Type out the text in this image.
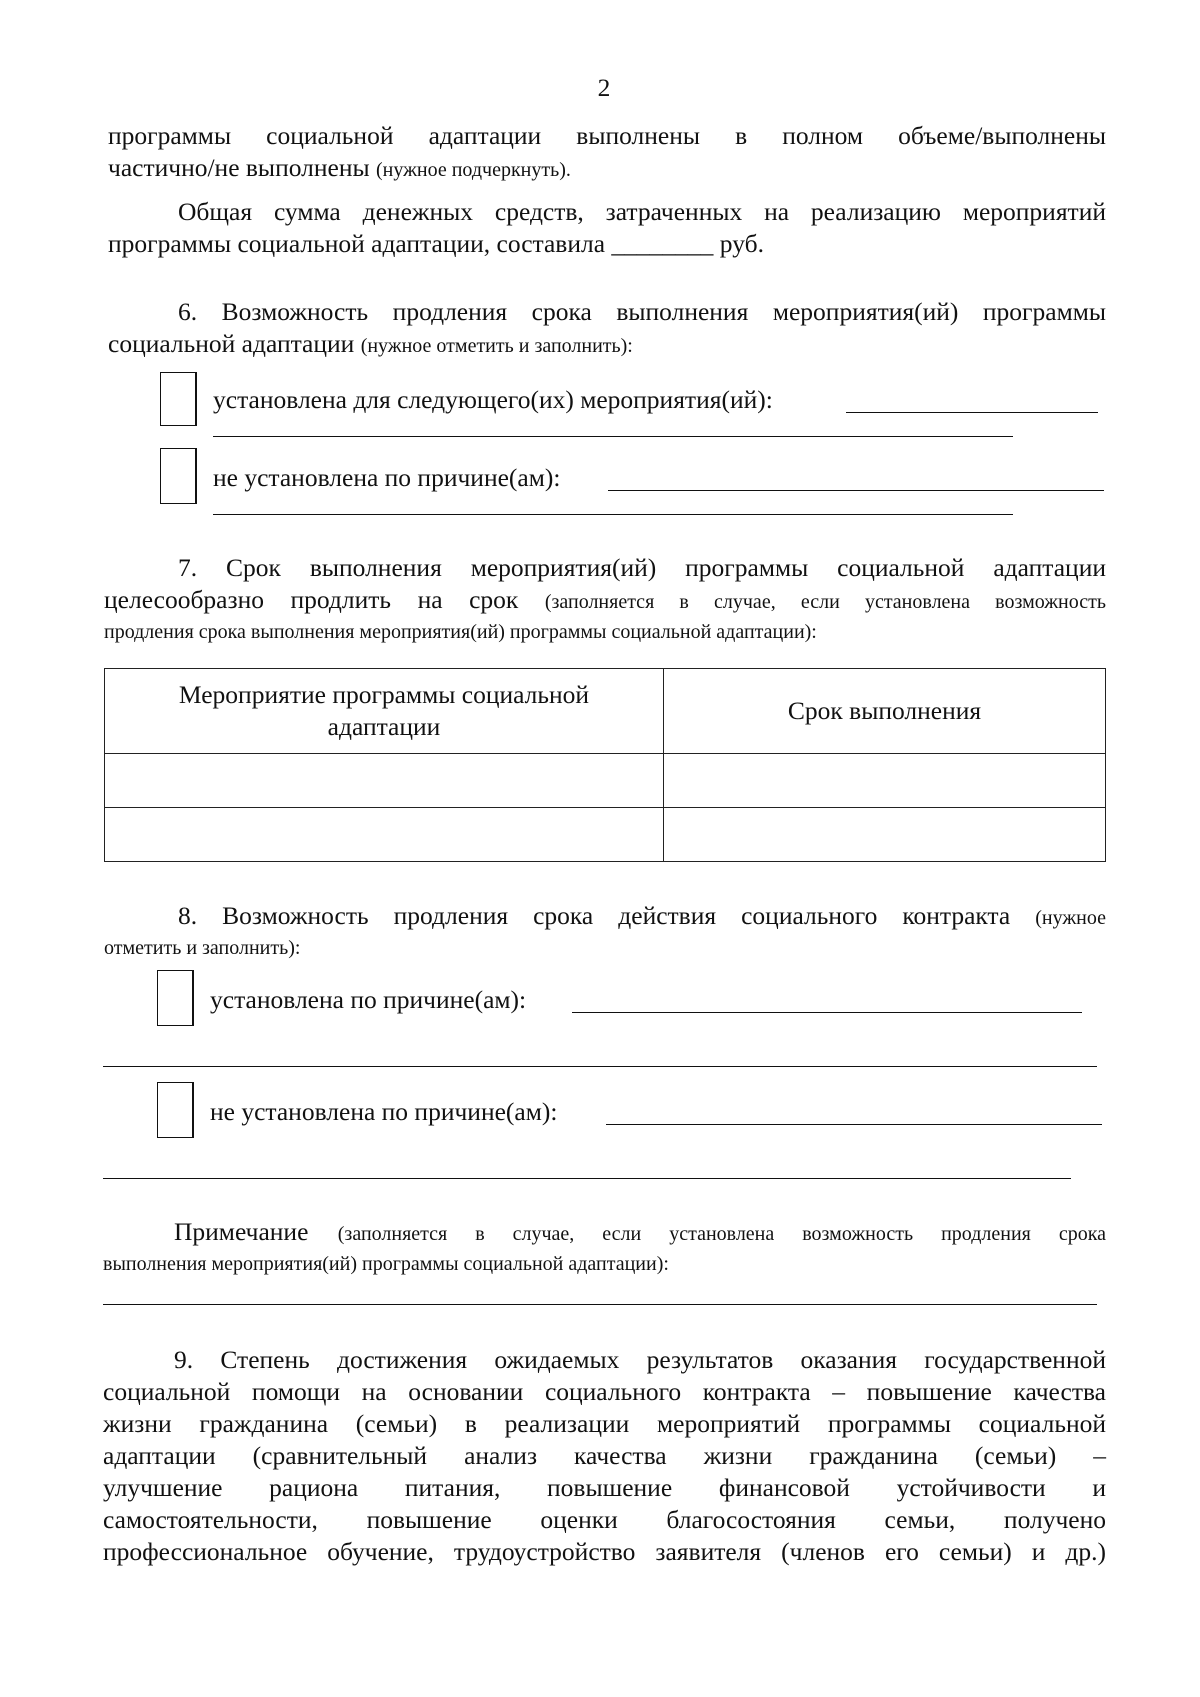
2
программы социальной адаптации выполнены в полном объеме/выполнены
частично/не выполнены (нужное подчеркнуть).
Общая сумма денежных средств, затраченных на реализацию мероприятий
программы социальной адаптации, составила ________ руб.
6. Возможность продления срока выполнения мероприятия(ий) программы
социальной адаптации (нужное отметить и заполнить):
установлена для следующего(их) мероприятия(ий):
не установлена по причине(ам):
7. Срок выполнения мероприятия(ий) программы социальной адаптации
целесообразно продлить на срок (заполняется в случае, если установлена возможность
продления срока выполнения мероприятия(ий) программы социальной адаптации):
Мероприятие программы социальной
адаптации	Срок выполнения

8. Возможность продления срока действия социального контракта (нужное
отметить и заполнить):
установлена по причине(ам):
не установлена по причине(ам):
Примечание (заполняется в случае, если установлена возможность продления срока
выполнения мероприятия(ий) программы социальной адаптации):
9. Степень достижения ожидаемых результатов оказания государственной
социальной помощи на основании социального контракта – повышение качества
жизни гражданина (семьи) в реализации мероприятий программы социальной
адаптации (сравнительный анализ качества жизни гражданина (семьи) –
улучшение рациона питания, повышение финансовой устойчивости и
самостоятельности, повышение оценки благосостояния семьи, получено
профессиональное обучение, трудоустройство заявителя (членов его семьи) и др.)
